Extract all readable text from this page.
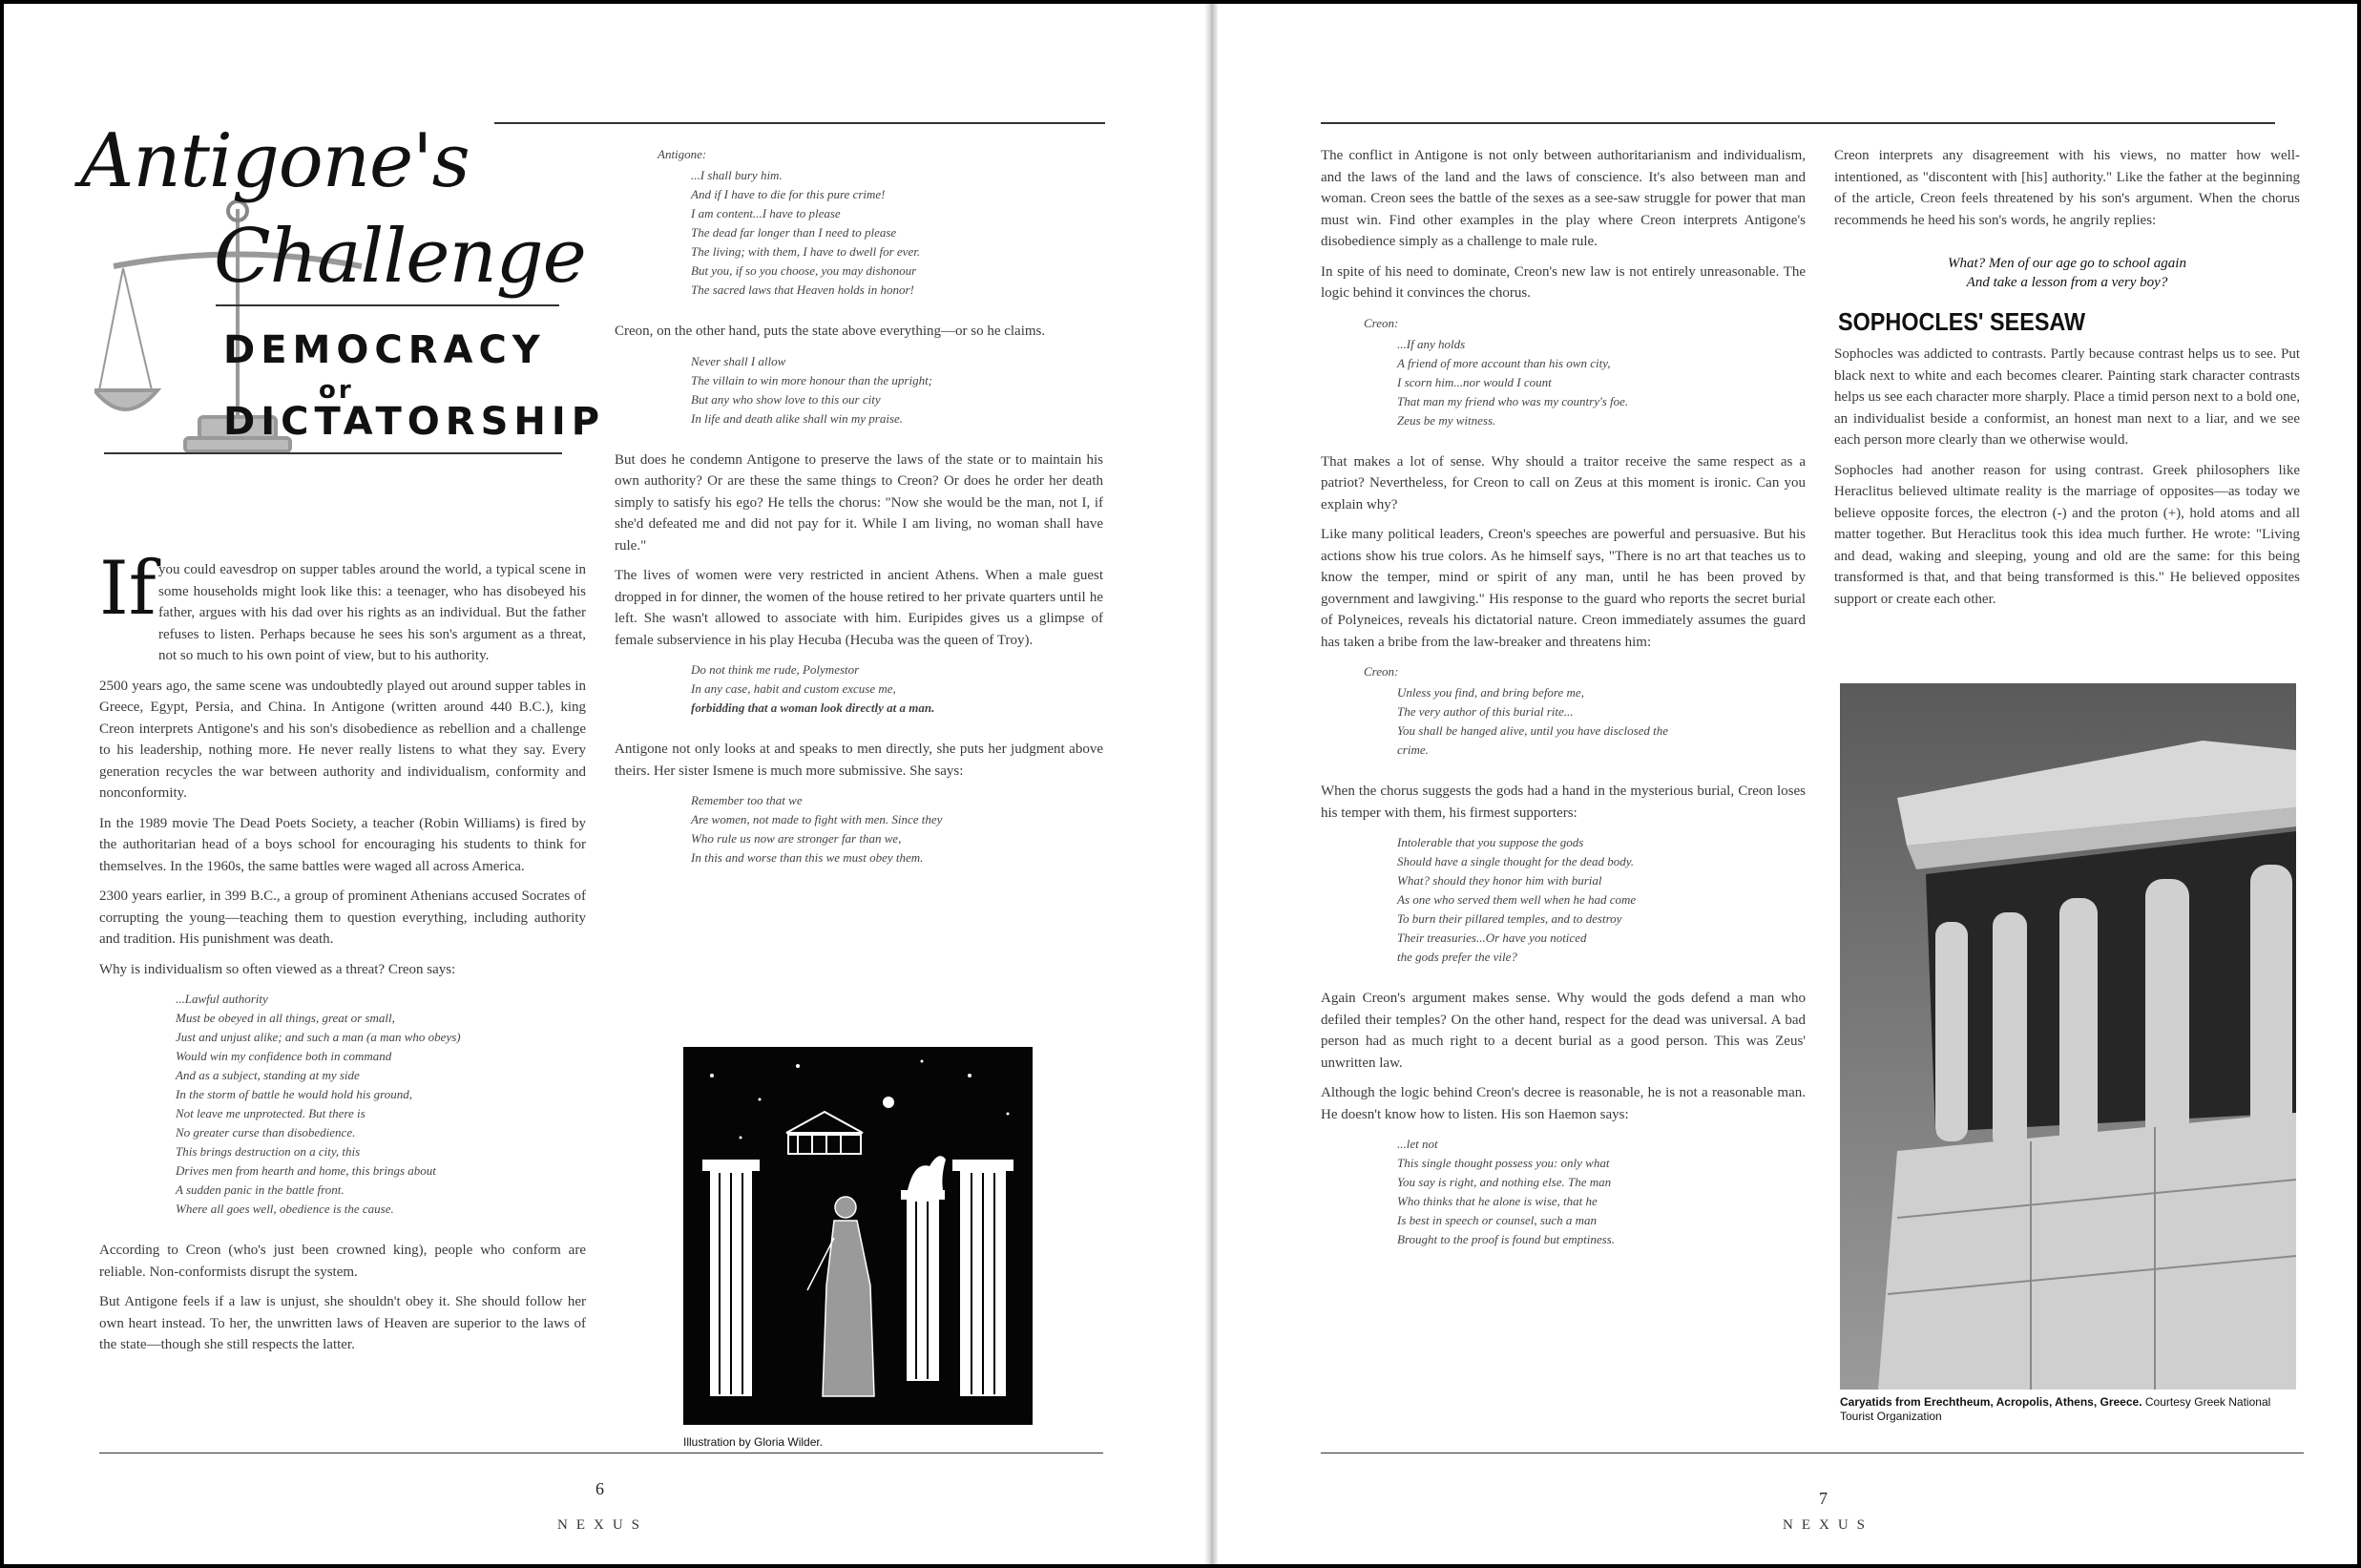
Antigone's
Challenge
DEMOCRACY
or
DICTATORSHIP
If you could eavesdrop on supper tables around the world, a typical scene in some households might look like this: a teenager, who has disobeyed his father, argues with his dad over his rights as an individual. But the father refuses to listen. Perhaps because he sees his son's argument as a threat, not so much to his own point of view, but to his authority.

2500 years ago, the same scene was undoubtedly played out around supper tables in Greece, Egypt, Persia, and China. In Antigone (written around 440 B.C.), king Creon interprets Antigone's and his son's disobedience as rebellion and a challenge to his leadership, nothing more. He never really listens to what they say. Every generation recycles the war between authority and individualism, conformity and nonconformity.

In the 1989 movie The Dead Poets Society, a teacher (Robin Williams) is fired by the authoritarian head of a boys school for encouraging his students to think for themselves. In the 1960s, the same battles were waged all across America.

2300 years earlier, in 399 B.C., a group of prominent Athenians accused Socrates of corrupting the young—teaching them to question everything, including authority and tradition. His punishment was death.

Why is individualism so often viewed as a threat? Creon says:

...Lawful authority
Must be obeyed in all things, great or small,
Just and unjust alike; and such a man (a man who obeys)
Would win my confidence both in command
And as a subject, standing at my side
In the storm of battle he would hold his ground,
Not leave me unprotected. But there is
No greater curse than disobedience.
This brings destruction on a city, this
Drives men from hearth and home, this brings about
A sudden panic in the battle front.
Where all goes well, obedience is the cause.

According to Creon (who's just been crowned king), people who conform are reliable. Non-conformists disrupt the system.

But Antigone feels if a law is unjust, she shouldn't obey it. She should follow her own heart instead. To her, the unwritten laws of Heaven are superior to the laws of the state—though she still respects the latter.

Antigone:
...I shall bury him.
And if I have to die for this pure crime!
I am content...I have to please
The dead far longer than I need to please
The living; with them, I have to dwell for ever.
But you, if so you choose, you may dishonour
The sacred laws that Heaven holds in honor!

Creon, on the other hand, puts the state above everything—or so he claims.

Never shall I allow
The villain to win more honour than the upright;
But any who show love to this our city
In life and death alike shall win my praise.

But does he condemn Antigone to preserve the laws of the state or to maintain his own authority? Or are these the same things to Creon? Or does he order her death simply to satisfy his ego? He tells the chorus: "Now she would be the man, not I, if she'd defeated me and did not pay for it. While I am living, no woman shall have rule."

The lives of women were very restricted in ancient Athens. When a male guest dropped in for dinner, the women of the house retired to her private quarters until he left. She wasn't allowed to associate with him. Euripides gives us a glimpse of female subservience in his play Hecuba (Hecuba was the queen of Troy).

Do not think me rude, Polymestor
In any case, habit and custom excuse me,
forbidding that a woman look directly at a man.

Antigone not only looks at and speaks to men directly, she puts her judgment above theirs. Her sister Ismene is much more submissive. She says:

Remember too that we
Are women, not made to fight with men. Since they
Who rule us now are stronger far than we,
In this and worse than this we must obey them.
Illustration by Gloria Wilder.
6
NEXUS

The conflict in Antigone is not only between authoritarianism and individualism, and the laws of the land and the laws of conscience. It's also between man and woman. Creon sees the battle of the sexes as a see-saw struggle for power that man must win. Find other examples in the play where Creon interprets Antigone's disobedience simply as a challenge to male rule.

In spite of his need to dominate, Creon's new law is not entirely unreasonable. The logic behind it convinces the chorus.

Creon:
...If any holds
A friend of more account than his own city,
I scorn him...nor would I count
That man my friend who was my country's foe.
Zeus be my witness.

That makes a lot of sense. Why should a traitor receive the same respect as a patriot? Nevertheless, for Creon to call on Zeus at this moment is ironic. Can you explain why?

Like many political leaders, Creon's speeches are powerful and persuasive. But his actions show his true colors. As he himself says, "There is no art that teaches us to know the temper, mind or spirit of any man, until he has been proved by government and lawgiving." His response to the guard who reports the secret burial of Polyneices, reveals his dictatorial nature. Creon immediately assumes the guard has taken a bribe from the law-breaker and threatens him:

Creon:
Unless you find, and bring before me,
The very author of this burial rite...
You shall be hanged alive, until you have disclosed the
crime.

When the chorus suggests the gods had a hand in the mysterious burial, Creon loses his temper with them, his firmest supporters:

Intolerable that you suppose the gods
Should have a single thought for the dead body.
What? should they honor him with burial
As one who served them well when he had come
To burn their pillared temples, and to destroy
Their treasuries...Or have you noticed
the gods prefer the vile?

Again Creon's argument makes sense. Why would the gods defend a man who defiled their temples? On the other hand, respect for the dead was universal. A bad person had as much right to a decent burial as a good person. This was Zeus' unwritten law.

Although the logic behind Creon's decree is reasonable, he is not a reasonable man. He doesn't know how to listen. His son Haemon says:

...let not
This single thought possess you: only what
You say is right, and nothing else. The man
Who thinks that he alone is wise, that he
Is best in speech or counsel, such a man
Brought to the proof is found but emptiness.

Creon interprets any disagreement with his views, no matter how well-intentioned, as "discontent with [his] authority." Like the father at the beginning of the article, Creon feels threatened by his son's argument. When the chorus recommends he heed his son's words, he angrily replies:

What? Men of our age go to school again
And take a lesson from a very boy?
SOPHOCLES' SEESAW

Sophocles was addicted to contrasts. Partly because contrast helps us to see. Put black next to white and each becomes clearer. Painting stark character contrasts helps us see each character more sharply. Place a timid person next to a bold one, an individualist beside a conformist, an honest man next to a liar, and we see each person more clearly than we otherwise would.

Sophocles had another reason for using contrast. Greek philosophers like Heraclitus believed ultimate reality is the marriage of opposites—as today we believe opposite forces, the electron (-) and the proton (+), hold atoms and all matter together. But Heraclitus took this idea much further. He wrote: "Living and dead, waking and sleeping, young and old are the same: for this being transformed is that, and that being transformed is this." He believed opposites support or create each other.

Caryatids from Erechtheum, Acropolis, Athens, Greece. Courtesy Greek National Tourist Organization
7
NEXUS
